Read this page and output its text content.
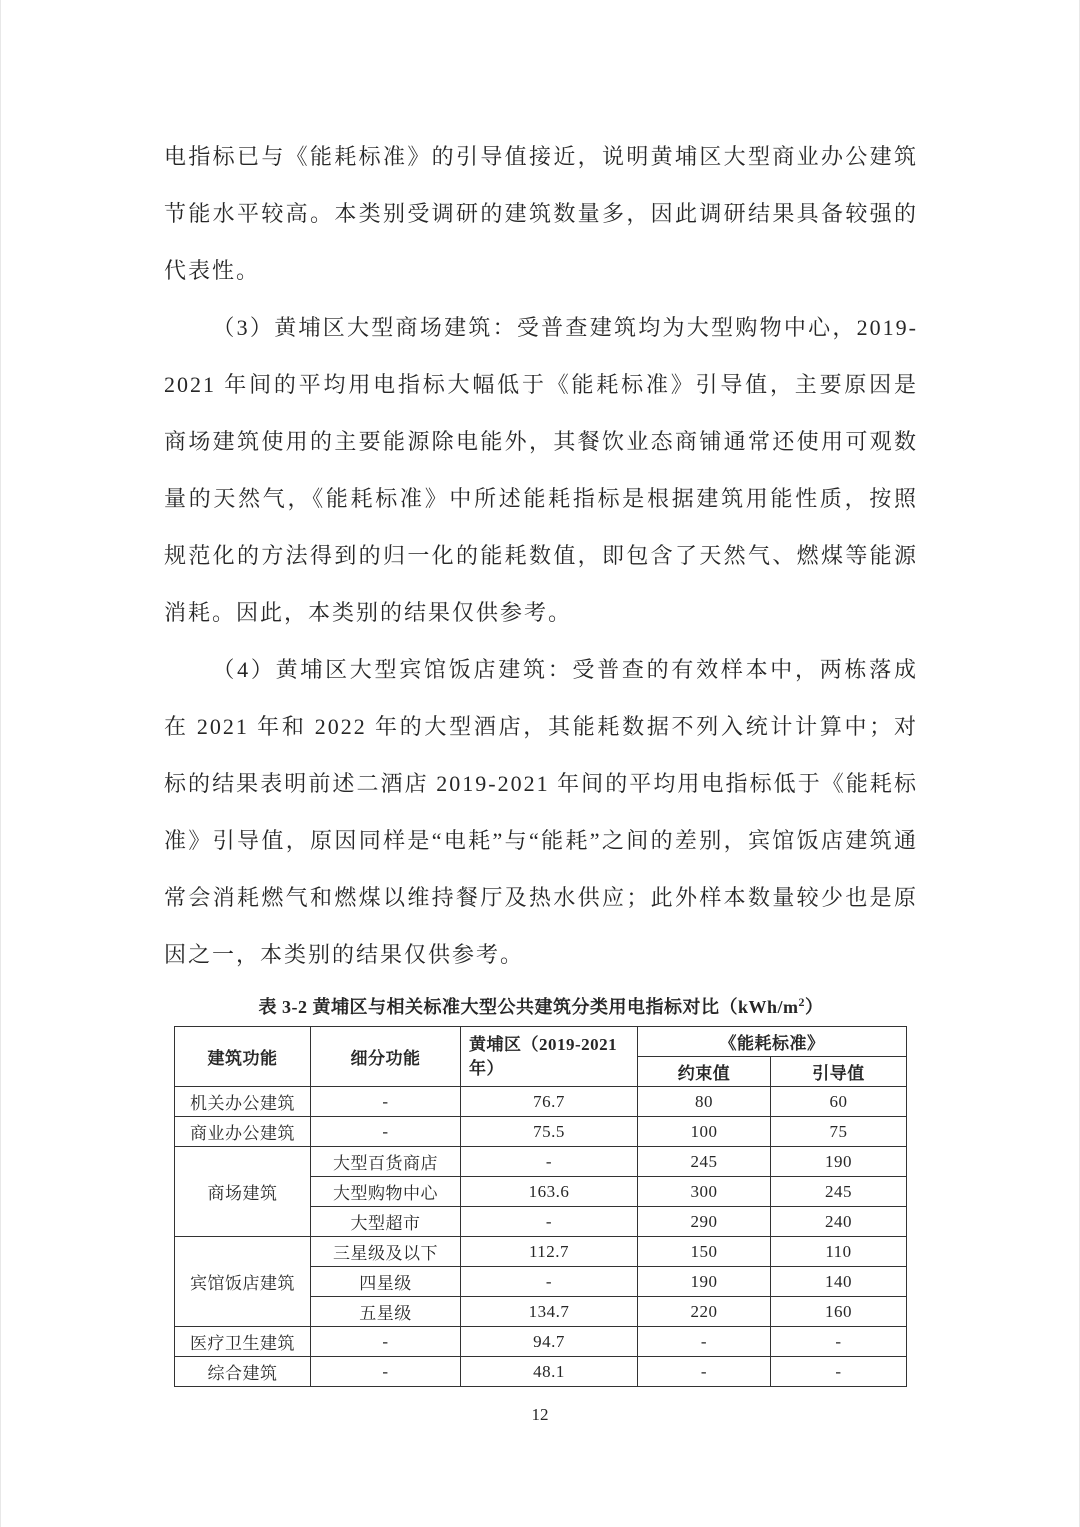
电指标已与《能耗标准》的引导值接近，说明黄埔区大型商业办公建筑节能水平较高。本类别受调研的建筑数量多，因此调研结果具备较强的代表性。

（3）黄埔区大型商场建筑：受普查建筑均为大型购物中心，2019-2021 年间的平均用电指标大幅低于《能耗标准》引导值，主要原因是商场建筑使用的主要能源除电能外，其餐饮业态商铺通常还使用可观数量的天然气，《能耗标准》中所述能耗指标是根据建筑用能性质，按照规范化的方法得到的归一化的能耗数值，即包含了天然气、燃煤等能源消耗。因此，本类别的结果仅供参考。

（4）黄埔区大型宾馆饭店建筑：受普查的有效样本中，两栋落成在 2021 年和 2022 年的大型酒店，其能耗数据不列入统计计算中；对标的结果表明前述二酒店 2019-2021 年间的平均用电指标低于《能耗标准》引导值，原因同样是“电耗”与“能耗”之间的差别，宾馆饭店建筑通常会消耗燃气和燃煤以维持餐厅及热水供应；此外样本数量较少也是原因之一，本类别的结果仅供参考。

表 3-2 黄埔区与相关标准大型公共建筑分类用电指标对比$(kWh/m^2)$
建筑功能	细分功能	黄埔区（2019-2021 年）	《能耗标准》	
			约束值	引导值
机关办公建筑	-	76.7	80	60
商业办公建筑	-	75.5	100	75
商场建筑	大型百货商店	-	245	190
	大型购物中心	163.6	300	245
	大型超市	-	290	240
宾馆饭店建筑	三星级及以下	112.7	150	110
	四星级	-	190	140
	五星级	134.7	220	160
医疗卫生建筑	-	94.7	-	-
综合建筑	-	48.1	-	-
12
